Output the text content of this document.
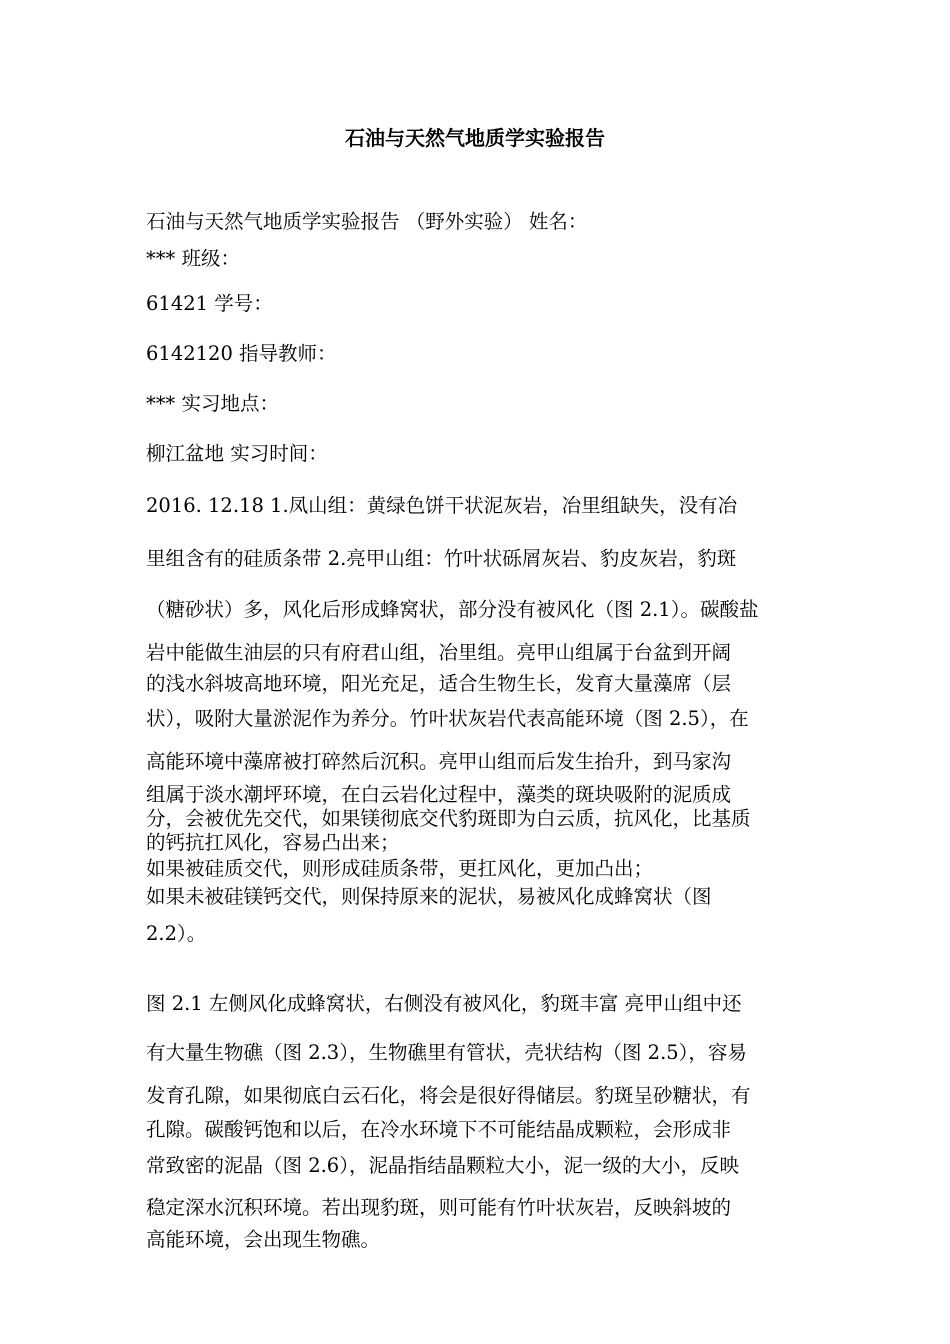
石油与天然气地质学实验报告
石油与天然气地质学实验报告 （野外实验） 姓名：
*** 班级：
61421 学号：
6142120 指导教师：
*** 实习地点：
柳江盆地 实习时间：
2016. 12.18 1.凤山组：黄绿色饼干状泥灰岩，冶里组缺失，没有冶
里组含有的硅质条带 2.亮甲山组：竹叶状砾屑灰岩、豹皮灰岩，豹斑
（糖砂状）多，风化后形成蜂窝状，部分没有被风化（图 2.1）。碳酸盐
岩中能做生油层的只有府君山组，冶里组。亮甲山组属于台盆到开阔
的浅水斜坡高地环境，阳光充足，适合生物生长，发育大量藻席（层
状），吸附大量淤泥作为养分。竹叶状灰岩代表高能环境（图 2.5），在
高能环境中藻席被打碎然后沉积。亮甲山组而后发生抬升，到马家沟
组属于淡水潮坪环境，在白云岩化过程中，藻类的斑块吸附的泥质成
分，会被优先交代，如果镁彻底交代豹斑即为白云质，抗风化，比基质
的钙抗扛风化，容易凸出来；
如果被硅质交代，则形成硅质条带，更扛风化，更加凸出；
如果未被硅镁钙交代，则保持原来的泥状，易被风化成蜂窝状（图
2.2）。
图 2.1 左侧风化成蜂窝状，右侧没有被风化，豹斑丰富 亮甲山组中还
有大量生物礁（图 2.3），生物礁里有管状，壳状结构（图 2.5），容易
发育孔隙，如果彻底白云石化，将会是很好得储层。豹斑呈砂糖状，有
孔隙。碳酸钙饱和以后，在冷水环境下不可能结晶成颗粒，会形成非
常致密的泥晶（图 2.6），泥晶指结晶颗粒大小，泥一级的大小，反映
稳定深水沉积环境。若出现豹斑，则可能有竹叶状灰岩，反映斜坡的
高能环境，会出现生物礁。
